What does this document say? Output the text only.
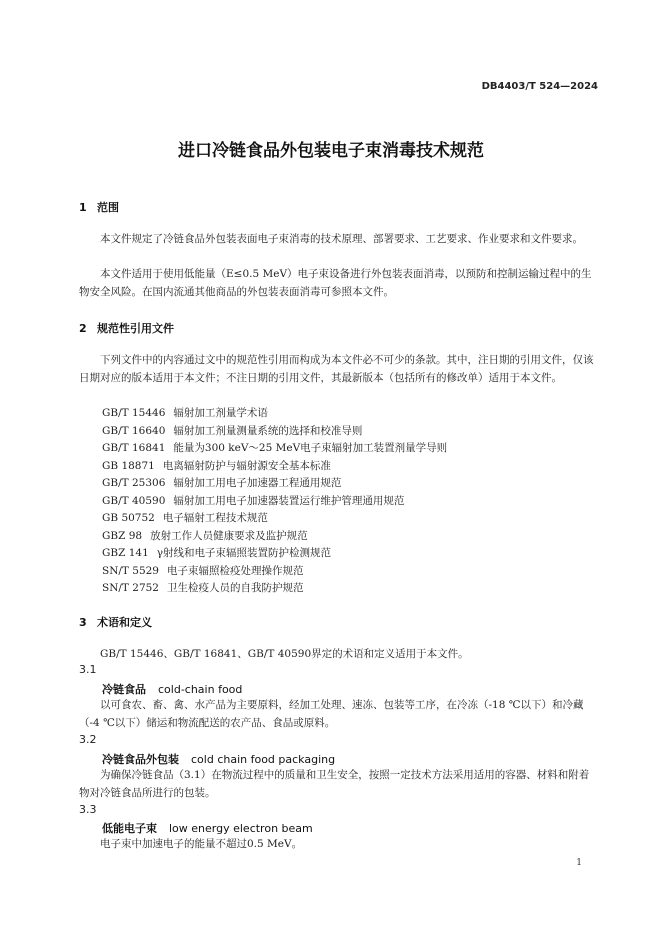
DB4403/T 524—2024
进口冷链食品外包装电子束消毒技术规范
1 范围
本文件规定了冷链食品外包装表面电子束消毒的技术原理、部署要求、工艺要求、作业要求和文件要求。
本文件适用于使用低能量（E≤0.5 MeV）电子束设备进行外包装表面消毒，以预防和控制运输过程中的生物安全风险。在国内流通其他商品的外包装表面消毒可参照本文件。
2 规范性引用文件
下列文件中的内容通过文中的规范性引用而构成为本文件必不可少的条款。其中，注日期的引用文件，仅该日期对应的版本适用于本文件；不注日期的引用文件，其最新版本（包括所有的修改单）适用于本文件。
GB/T 15446 辐射加工剂量学术语
GB/T 16640 辐射加工剂量测量系统的选择和校准导则
GB/T 16841 能量为300 keV～25 MeV电子束辐射加工装置剂量学导则
GB 18871 电离辐射防护与辐射源安全基本标准
GB/T 25306 辐射加工用电子加速器工程通用规范
GB/T 40590 辐射加工用电子加速器装置运行维护管理通用规范
GB 50752 电子辐射工程技术规范
GBZ 98 放射工作人员健康要求及监护规范
GBZ 141 γ射线和电子束辐照装置防护检测规范
SN/T 5529 电子束辐照检疫处理操作规范
SN/T 2752 卫生检疫人员的自我防护规范
3 术语和定义
GB/T 15446、GB/T 16841、GB/T 40590界定的术语和定义适用于本文件。
3.1
冷链食品 cold-chain food
以可食农、畜、禽、水产品为主要原料，经加工处理、速冻、包装等工序，在冷冻（-18 ℃以下）和冷藏（-4 ℃以下）储运和物流配送的农产品、食品或原料。
3.2
冷链食品外包装 cold chain food packaging
为确保冷链食品（3.1）在物流过程中的质量和卫生安全，按照一定技术方法采用适用的容器、材料和附着物对冷链食品所进行的包装。
3.3
低能电子束 low energy electron beam
电子束中加速电子的能量不超过0.5 MeV。
1
